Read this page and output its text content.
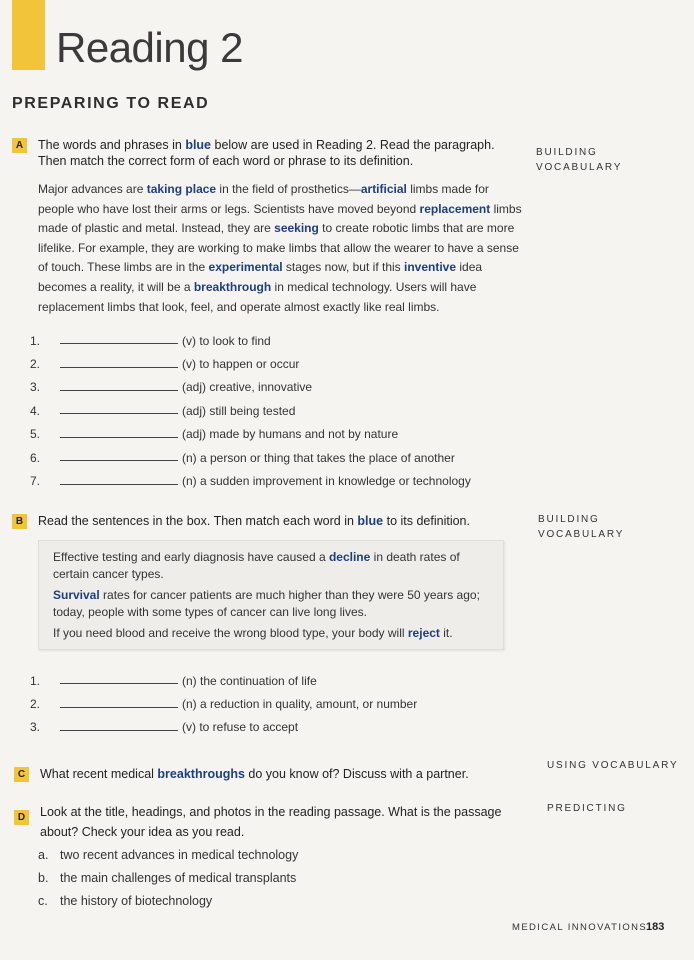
Reading 2
PREPARING TO READ
A	The words and phrases in blue below are used in Reading 2. Read the paragraph.
Then match the correct form of each word or phrase to its definition.
BUILDING
VOCABULARY
Major advances are taking place in the field of prosthetics—artificial limbs made for people who have lost their arms or legs. Scientists have moved beyond replacement limbs made of plastic and metal. Instead, they are seeking to create robotic limbs that are more lifelike. For example, they are working to make limbs that allow the wearer to have a sense of touch. These limbs are in the experimental stages now, but if this inventive idea becomes a reality, it will be a breakthrough in medical technology. Users will have replacement limbs that look, feel, and operate almost exactly like real limbs.
1.	(v) to look to find
2.	(v) to happen or occur
3.	(adj) creative, innovative
4.	(adj) still being tested
5.	(adj) made by humans and not by nature
6.	(n) a person or thing that takes the place of another
7.	(n) a sudden improvement in knowledge or technology
B	Read the sentences in the box. Then match each word in blue to its definition.	BUILDING
VOCABULARY

Effective testing and early diagnosis have caused a decline in death rates of certain cancer types.

Survival rates for cancer patients are much higher than they were 50 years ago; today, people with some types of cancer can live long lives.

If you need blood and receive the wrong blood type, your body will reject it.

1.	(n) the continuation of life
2.	(n) a reduction in quality, amount, or number
3.	(v) to refuse to accept
C	What recent medical breakthroughs do you know of? Discuss with a partner.
USING VOCABULARY
D	Look at the title, headings, and photos in the reading passage. What is the passage
about? Check your idea as you read.
PREDICTING
a. two recent advances in medical technology
b. the main challenges of medical transplants
c. the history of biotechnology
MEDICAL INNOVATIONS
183
